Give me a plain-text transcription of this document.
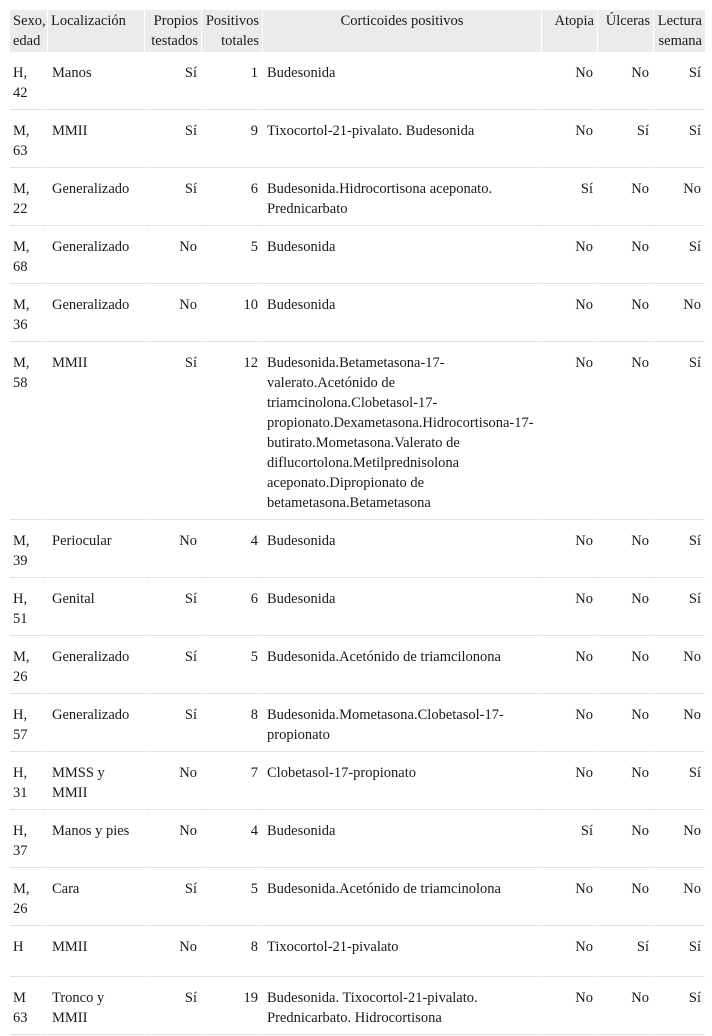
Sexo, edad	Localización	Propios testados	Positivos totales	Corticoides positivos	Atopia	Úlceras	Lectura semana
H, 42	Manos	Sí	1	Budesonida	No	No	Sí
M, 63	MMII	Sí	9	Tixocortol-21-pivalato. Budesonida	No	Sí	Sí
M, 22	Generalizado	Sí	6	Budesonida.Hidrocortisona aceponato. Prednicarbato	Sí	No	No
M, 68	Generalizado	No	5	Budesonida	No	No	Sí
M, 36	Generalizado	No	10	Budesonida	No	No	No
M, 58	MMII	Sí	12	Budesonida.Betametasona-17-valerato.Acetónido de triamcinolona.Clobetasol-17-propionato.Dexametasona.Hidrocortisona-17-butirato.Mometasona.Valerato de diflucortolona.Metilprednisolona aceponato.Dipropionato de betametasona.Betametasona	No	No	Sí
M, 39	Periocular	No	4	Budesonida	No	No	Sí
H, 51	Genital	Sí	6	Budesonida	No	No	Sí
M, 26	Generalizado	Sí	5	Budesonida.Acetónido de triamcilonona	No	No	No
H, 57	Generalizado	Sí	8	Budesonida.Mometasona.Clobetasol-17-propionato	No	No	No
H, 31	MMSS y MMII	No	7	Clobetasol-17-propionato	No	No	Sí
H, 37	Manos y pies	No	4	Budesonida	Sí	No	No
M, 26	Cara	Sí	5	Budesonida.Acetónido de triamcinolona	No	No	No
H	MMII	No	8	Tixocortol-21-pivalato	No	Sí	Sí
M 63	Tronco y MMII	Sí	19	Budesonida. Tixocortol-21-pivalato. Prednicarbato. Hidrocortisona	No	No	Sí
